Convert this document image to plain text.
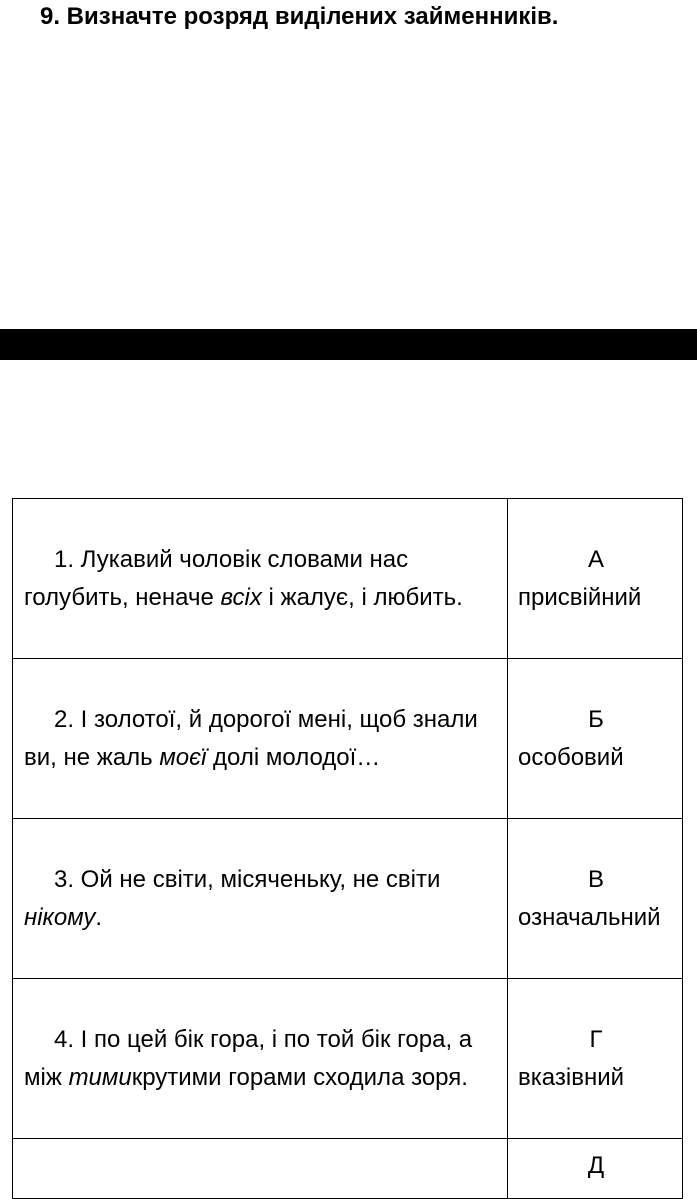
9. Визначте розряд виділених займенників.
1. Лукавий чоловік словами нас голубить, неначе всіх і жалує, і любить.	А
присвійний
2. І золотої, й дорогої мені, щоб знали ви, не жаль моєї долі молодої…	Б
особовий
3. Ой не світи, місяченьку, не світи нікому.	В
означальний
4. І по цей бік гора, і по той бік гора, а між тимикрутими горами сходила зоря.	Г
вказівний

	Д
